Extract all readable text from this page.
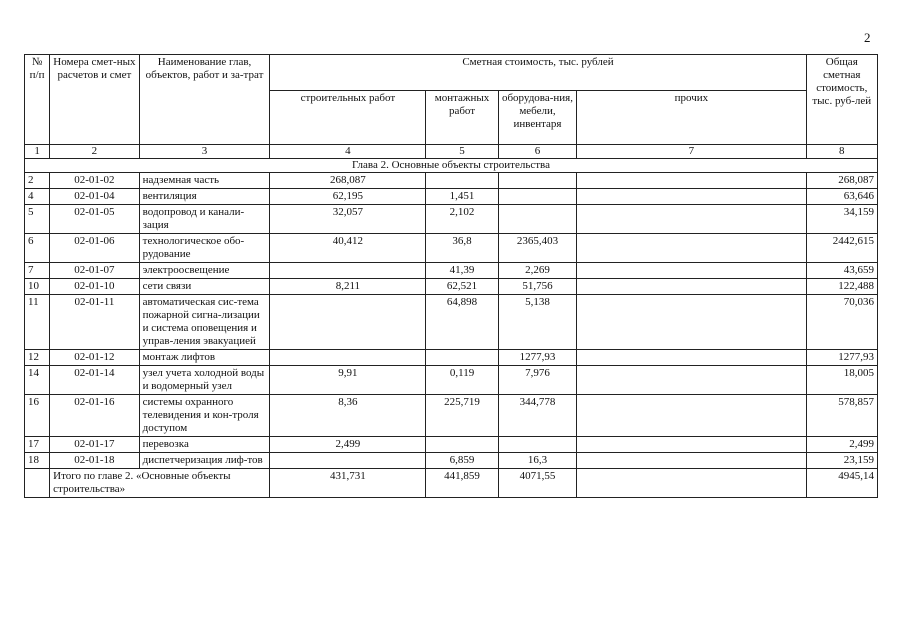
2
№ п/п	Номера смет-ных расчетов и смет	Наименование глав, объектов, работ и за-трат	Сметная стоимость, тыс. рублей				Общая сметная стоимость, тыс. руб-лей
			строительных работ	монтажных работ	оборудова-ния, мебели, инвентаря	прочих	
1	2	3	4	5	6	7	8
Глава 2. Основные объекты строительства							
2	02-01-02	надземная часть	268,087				268,087
4	02-01-04	вентиляция	62,195	1,451			63,646
5	02-01-05	водопровод и канали-зация	32,057	2,102			34,159
6	02-01-06	технологическое обо-рудование	40,412	36,8	2365,403		2442,615
7	02-01-07	электроосвещение		41,39	2,269		43,659
10	02-01-10	сети связи	8,211	62,521	51,756		122,488
11	02-01-11	автоматическая сис-тема пожарной сигна-лизации и система оповещения и управ-ления эвакуацией		64,898	5,138		70,036
12	02-01-12	монтаж лифтов			1277,93		1277,93
14	02-01-14	узел учета холодной воды и водомерный узел	9,91	0,119	7,976		18,005
16	02-01-16	системы охранного телевидения и кон-троля доступом	8,36	225,719	344,778		578,857
17	02-01-17	перевозка	2,499				2,499
18	02-01-18	диспетчеризация лиф-тов		6,859	16,3		23,159
	Итого по главе 2. «Основные объекты строительства»		431,731	441,859	4071,55		4945,14
